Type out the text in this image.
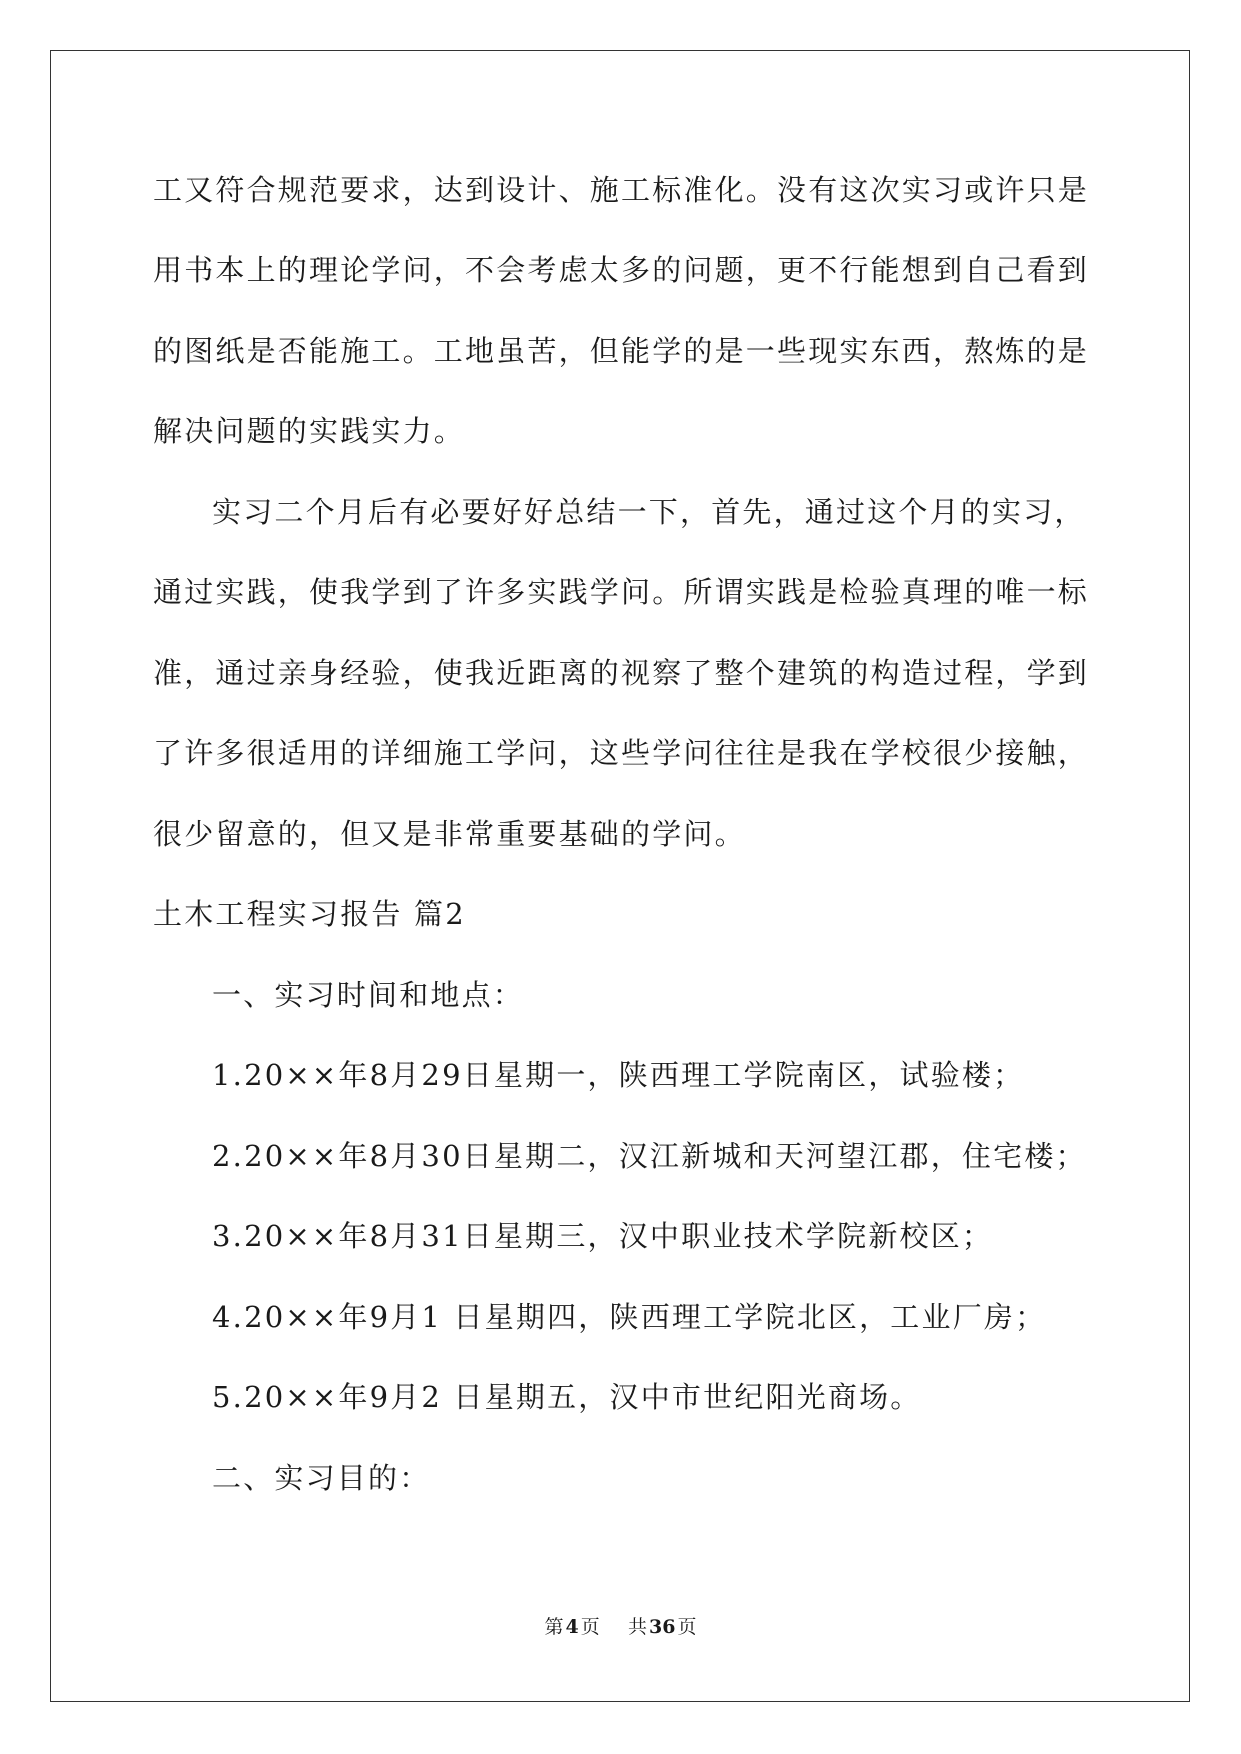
工又符合规范要求，达到设计、施工标准化。没有这次实习或许只是

用书本上的理论学问，不会考虑太多的问题，更不行能想到自己看到

的图纸是否能施工。工地虽苦，但能学的是一些现实东西，熬炼的是

解决问题的实践实力。

实习二个月后有必要好好总结一下，首先，通过这个月的实习，

通过实践，使我学到了许多实践学问。所谓实践是检验真理的唯一标

准，通过亲身经验，使我近距离的视察了整个建筑的构造过程，学到

了许多很适用的详细施工学问，这些学问往往是我在学校很少接触，

很少留意的，但又是非常重要基础的学问。

土木工程实习报告 篇2

一、实习时间和地点：

1.20××年8月29日星期一，陕西理工学院南区，试验楼；

2.20××年8月30日星期二，汉江新城和天河望江郡，住宅楼；

3.20××年8月31日星期三，汉中职业技术学院新校区；

4.20××年9月1 日星期四，陕西理工学院北区，工业厂房；

5.20××年9月2 日星期五，汉中市世纪阳光商场。

二、实习目的：

第 4 页 共 36 页
